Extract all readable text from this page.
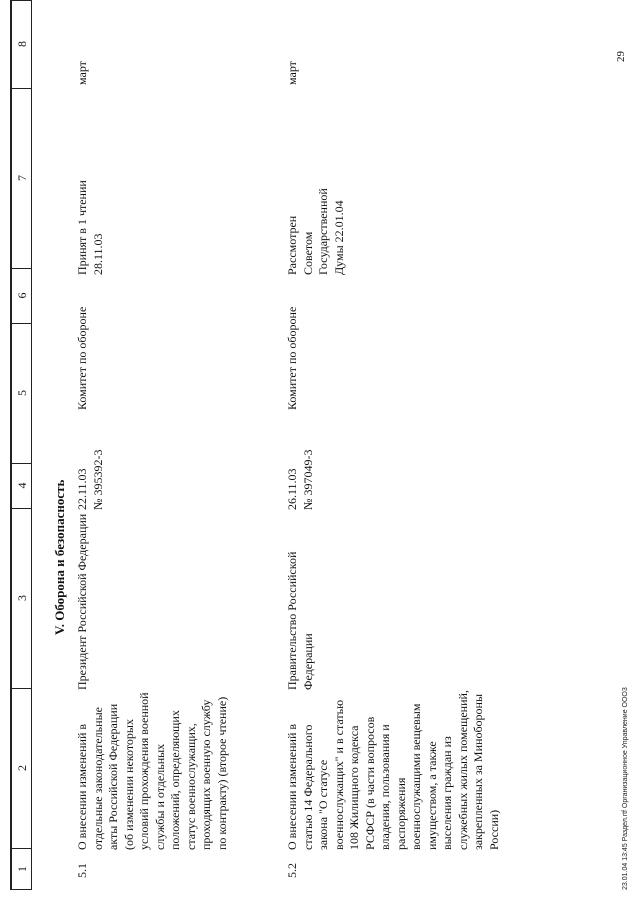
1
2
3
4
5
6
7
8
V. Оборона и безопасность
5.1
О внесении изменений в отдельные законодательные акты Российской Федерации (об изменении некоторых условий прохождения военной службы и отдельных положений, определяющих статус военнослужащих, проходящих военную службу по контракту) (второе чтение)
Президент Российской Федерации
22.11.03
№ 395392-3
Комитет по обороне
Принят в 1 чтении
28.11.03
март
5.2
О внесении изменений в статью 14 Федерального закона "О статусе военнослужащих" и в статью 108 Жилищного кодекса РСФСР (в части вопросов владения, пользования и распоряжения военнослужащими вещевым имуществом, а также выселения граждан из служебных жилых помещений, закрепленных за Минобороны России)
Правительство Российской Федерации
26.11.03
№ 397049-3
Комитет по обороне
Рассмотрен Советом Государственной Думы 22.01.04
март
23.01.04 13:45 Раздел.rtf Организационное Управление ООО3
29
